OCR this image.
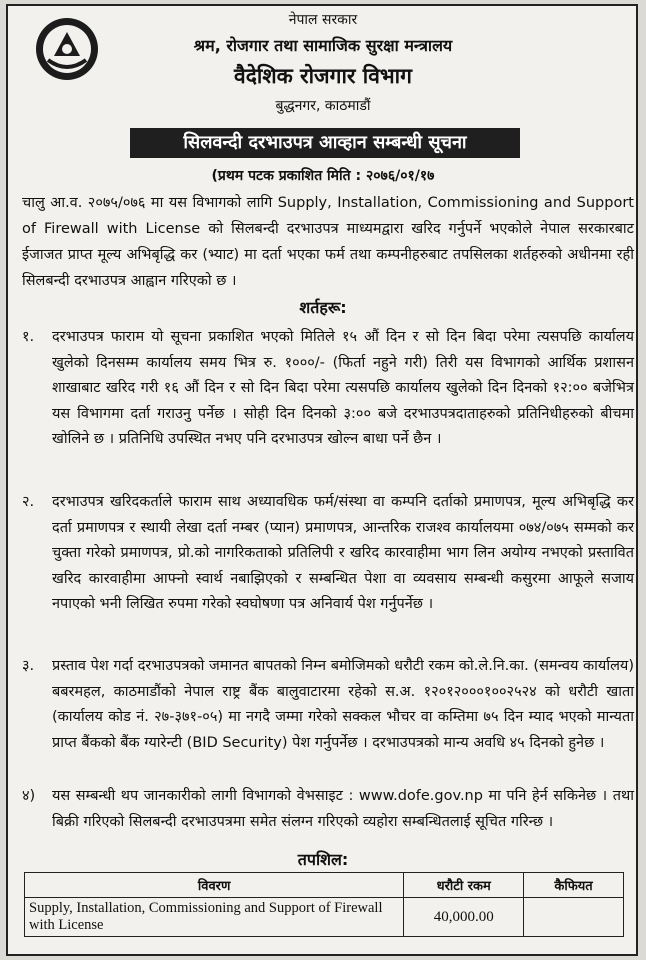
नेपाल सरकार
श्रम, रोजगार तथा सामाजिक सुरक्षा मन्त्रालय
वैदेशिक रोजगार विभाग
बुद्धनगर, काठमाडौं
सिलवन्दी दरभाउपत्र आव्हान सम्बन्धी सूचना
(प्रथम पटक प्रकाशित मिति : २०७६/०१/१७
चालु आ.व. २०७५/०७६ मा यस विभागको लागि Supply, Installation, Commissioning and Support of Firewall with License को सिलबन्दी दरभाउपत्र माध्यमद्वारा खरिद गर्नुपर्ने भएकोले नेपाल सरकारबाट ईजाजत प्राप्त मूल्य अभिबृद्धि कर (भ्याट) मा दर्ता भएका फर्म तथा कम्पनीहरुबाट तपसिलका शर्तहरुको अधीनमा रही सिलबन्दी दरभाउपत्र आह्वान गरिएको छ ।
शर्तहरू:
१.	दरभाउपत्र फाराम यो सूचना प्रकाशित भएको मितिले १५ औं दिन र सो दिन बिदा परेमा त्यसपछि कार्यालय खुलेको दिनसम्म कार्यालय समय भित्र रु. १०००/- (फिर्ता नहुने गरी) तिरी यस विभागको आर्थिक प्रशासन शाखाबाट खरिद गरी १६ औं दिन र सो दिन बिदा परेमा त्यसपछि कार्यालय खुलेको दिन दिनको १२:०० बजेभित्र यस विभागमा दर्ता गराउनु पर्नेछ । सोही दिन दिनको ३:०० बजे दरभाउपत्रदाताहरुको प्रतिनिधीहरुको बीचमा खोलिने छ । प्रतिनिधि उपस्थित नभए पनि दरभाउपत्र खोल्न बाधा पर्ने छैन ।
२.	दरभाउपत्र खरिदकर्ताले फाराम साथ अध्यावधिक फर्म/संस्था वा कम्पनि दर्ताको प्रमाणपत्र, मूल्य अभिबृद्धि कर दर्ता प्रमाणपत्र र स्थायी लेखा दर्ता नम्बर (प्यान) प्रमाणपत्र, आन्तरिक राजश्व कार्यालयमा ०७४/०७५ सम्मको कर चुक्ता गरेको प्रमाणपत्र, प्रो.को नागरिकताको प्रतिलिपी र खरिद कारवाहीमा भाग लिन अयोग्य नभएको प्रस्तावित खरिद कारवाहीमा आफ्नो स्वार्थ नबाझिएको र सम्बन्धित पेशा वा व्यवसाय सम्बन्धी कसुरमा आफूले सजाय नपाएको भनी लिखित रुपमा गरेको स्वघोषणा पत्र अनिवार्य पेश गर्नुपर्नेछ ।
३.	प्रस्ताव पेश गर्दा दरभाउपत्रको जमानत बापतको निम्न बमोजिमको धरौटी रकम को.ले.नि.का. (समन्वय कार्यालय) बबरमहल, काठमाडौंको नेपाल राष्ट्र बैंक बालुवाटारमा रहेको स.अ. १२०१२०००१००२५२४ को धरौटी खाता (कार्यालय कोड नं. २७-३७१-०५) मा नगदै जम्मा गरेको सक्कल भौचर वा कम्तिमा ७५ दिन म्याद भएको मान्यता प्राप्त बैंकको बैंक ग्यारेन्टी (BID Security) पेश गर्नुपर्नेछ । दरभाउपत्रको मान्य अवधि ४५ दिनको हुनेछ ।
४)	यस सम्बन्धी थप जानकारीको लागी विभागको वेभसाइट : www.dofe.gov.np मा पनि हेर्न सकिनेछ । तथा बिक्री गरिएको सिलबन्दी दरभाउपत्रमा समेत संलग्न गरिएको व्यहोरा सम्बन्धितलाई सूचित गरिन्छ ।
तपशिल:
विवरण	धरौटी रकम	कैफियत
Supply, Installation, Commissioning and Support of Firewall with License	40,000.00	
